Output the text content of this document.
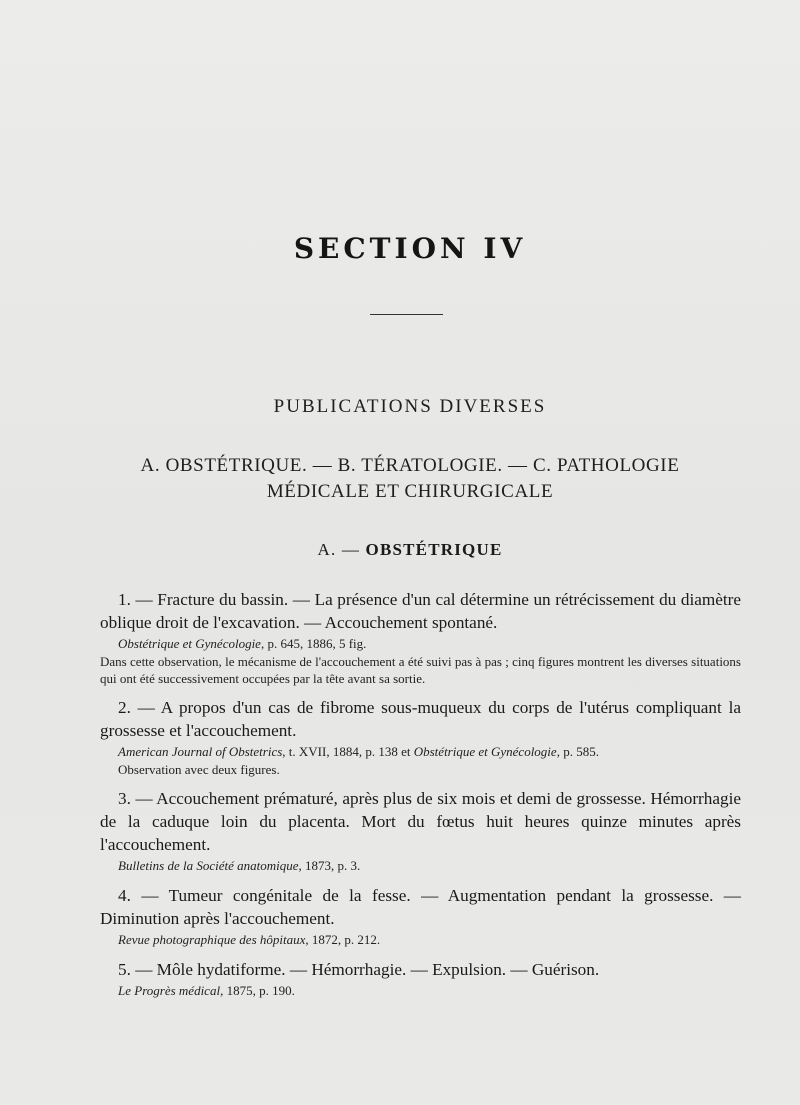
SECTION IV
PUBLICATIONS DIVERSES
A. OBSTÉTRIQUE. — B. TÉRATOLOGIE. — C. PATHOLOGIE
MÉDICALE ET CHIRURGICALE
A. — OBSTÉTRIQUE
1. — Fracture du bassin. — La présence d'un cal détermine un rétrécissement du diamètre oblique droit de l'excavation. — Accouchement spontané.
Obstétrique et Gynécologie, p. 645, 1886, 5 fig.
Dans cette observation, le mécanisme de l'accouchement a été suivi pas à pas ; cinq figures montrent les diverses situations qui ont été successivement occupées par la tête avant sa sortie.
2. — A propos d'un cas de fibrome sous-muqueux du corps de l'utérus compliquant la grossesse et l'accouchement.
American Journal of Obstetrics, t. XVII, 1884, p. 138 et Obstétrique et Gynécologie, p. 585.
Observation avec deux figures.
3. — Accouchement prématuré, après plus de six mois et demi de grossesse. Hémorrhagie de la caduque loin du placenta. Mort du fœtus huit heures quinze minutes après l'accouchement.
Bulletins de la Société anatomique, 1873, p. 3.
4. — Tumeur congénitale de la fesse. — Augmentation pendant la grossesse. — Diminution après l'accouchement.
Revue photographique des hôpitaux, 1872, p. 212.
5. — Môle hydatiforme. — Hémorrhagie. — Expulsion. — Guérison.
Le Progrès médical, 1875, p. 190.
